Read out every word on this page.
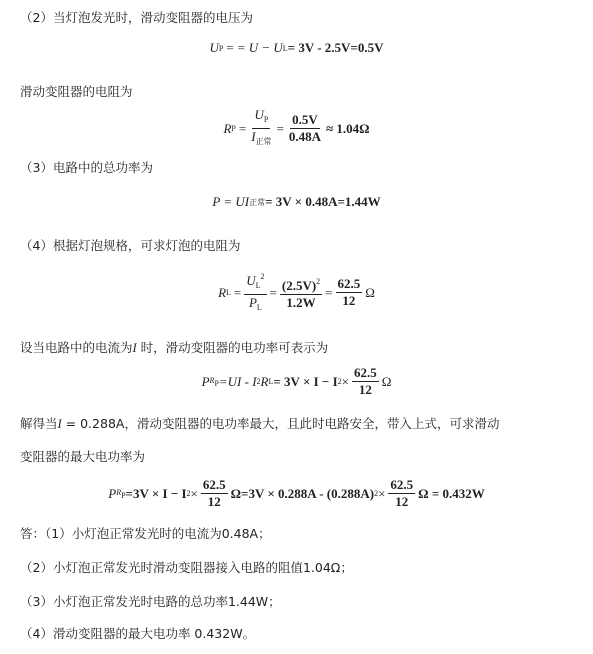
（2）当灯泡发光时，滑动变阻器的电压为
U P = = U − U L = 3V - 2.5V=0.5V
滑动变阻器的电阻为
R $P = \frac{U_P}{I_{正常}} = \frac{0.5V}{0.48A} \approx 1.04\Omega$
（3）电路中的总功率为
P = UI 正常 = 3V × 0.48A=1.44W
（4）根据灯泡规格，可求灯泡的电阻为
R $L = \frac{U_L^2}{P_L} = \frac{(2.5V)^2}{1.2W} = \frac{62.5}{12}$ Ω
设当电路中的电流为I 时，滑动变阻器的电功率可表示为
P $R_P =UI - I$ 2 R L = 3V × I − I $2 \times \frac{62.5}{12}$ Ω
解得当I = 0.288A，滑动变阻器的电功率最大，且此时电路安全，带入上式，可求滑动
变阻器的最大电功率为
P $R_P =3V \times I - I$ $2 \times \frac{62.5}{12} \Omega=3V \times 0.288A - (0.288A) 2 \times \frac{62.5}{12}$ Ω = 0.432W
答：（1）小灯泡正常发光时的电流为0.48A；
（2）小灯泡正常发光时滑动变阻器接入电路的阻值1.04Ω；
（3）小灯泡正常发光时电路的总功率1.44W；
（4）滑动变阻器的最大电功率 0.432W。
